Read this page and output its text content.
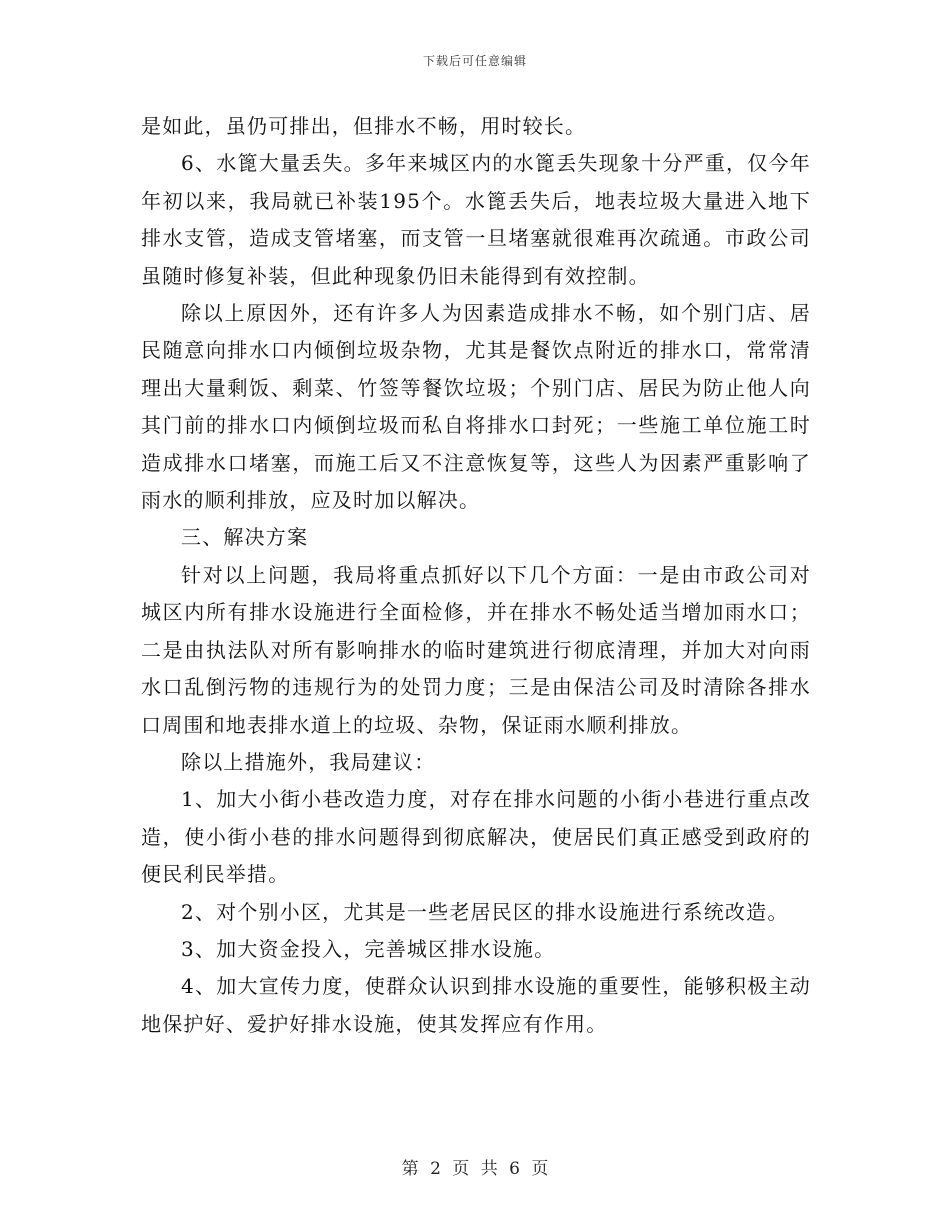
下载后可任意编辑

是如此，虽仍可排出，但排水不畅，用时较长。

6、水篦大量丢失。多年来城区内的水篦丢失现象十分严重，仅今年年初以来，我局就已补装195个。水篦丢失后，地表垃圾大量进入地下排水支管，造成支管堵塞，而支管一旦堵塞就很难再次疏通。市政公司虽随时修复补装，但此种现象仍旧未能得到有效控制。

除以上原因外，还有许多人为因素造成排水不畅，如个别门店、居民随意向排水口内倾倒垃圾杂物，尤其是餐饮点附近的排水口，常常清理出大量剩饭、剩菜、竹签等餐饮垃圾；个别门店、居民为防止他人向其门前的排水口内倾倒垃圾而私自将排水口封死；一些施工单位施工时造成排水口堵塞，而施工后又不注意恢复等，这些人为因素严重影响了雨水的顺利排放，应及时加以解决。

三、解决方案

针对以上问题，我局将重点抓好以下几个方面：一是由市政公司对城区内所有排水设施进行全面检修，并在排水不畅处适当增加雨水口；二是由执法队对所有影响排水的临时建筑进行彻底清理，并加大对向雨水口乱倒污物的违规行为的处罚力度；三是由保洁公司及时清除各排水口周围和地表排水道上的垃圾、杂物，保证雨水顺利排放。

除以上措施外，我局建议：

1、加大小街小巷改造力度，对存在排水问题的小街小巷进行重点改造，使小街小巷的排水问题得到彻底解决，使居民们真正感受到政府的便民利民举措。

2、对个别小区，尤其是一些老居民区的排水设施进行系统改造。

3、加大资金投入，完善城区排水设施。

4、加大宣传力度，使群众认识到排水设施的重要性，能够积极主动地保护好、爱护好排水设施，使其发挥应有作用。

第 2 页 共 6 页
